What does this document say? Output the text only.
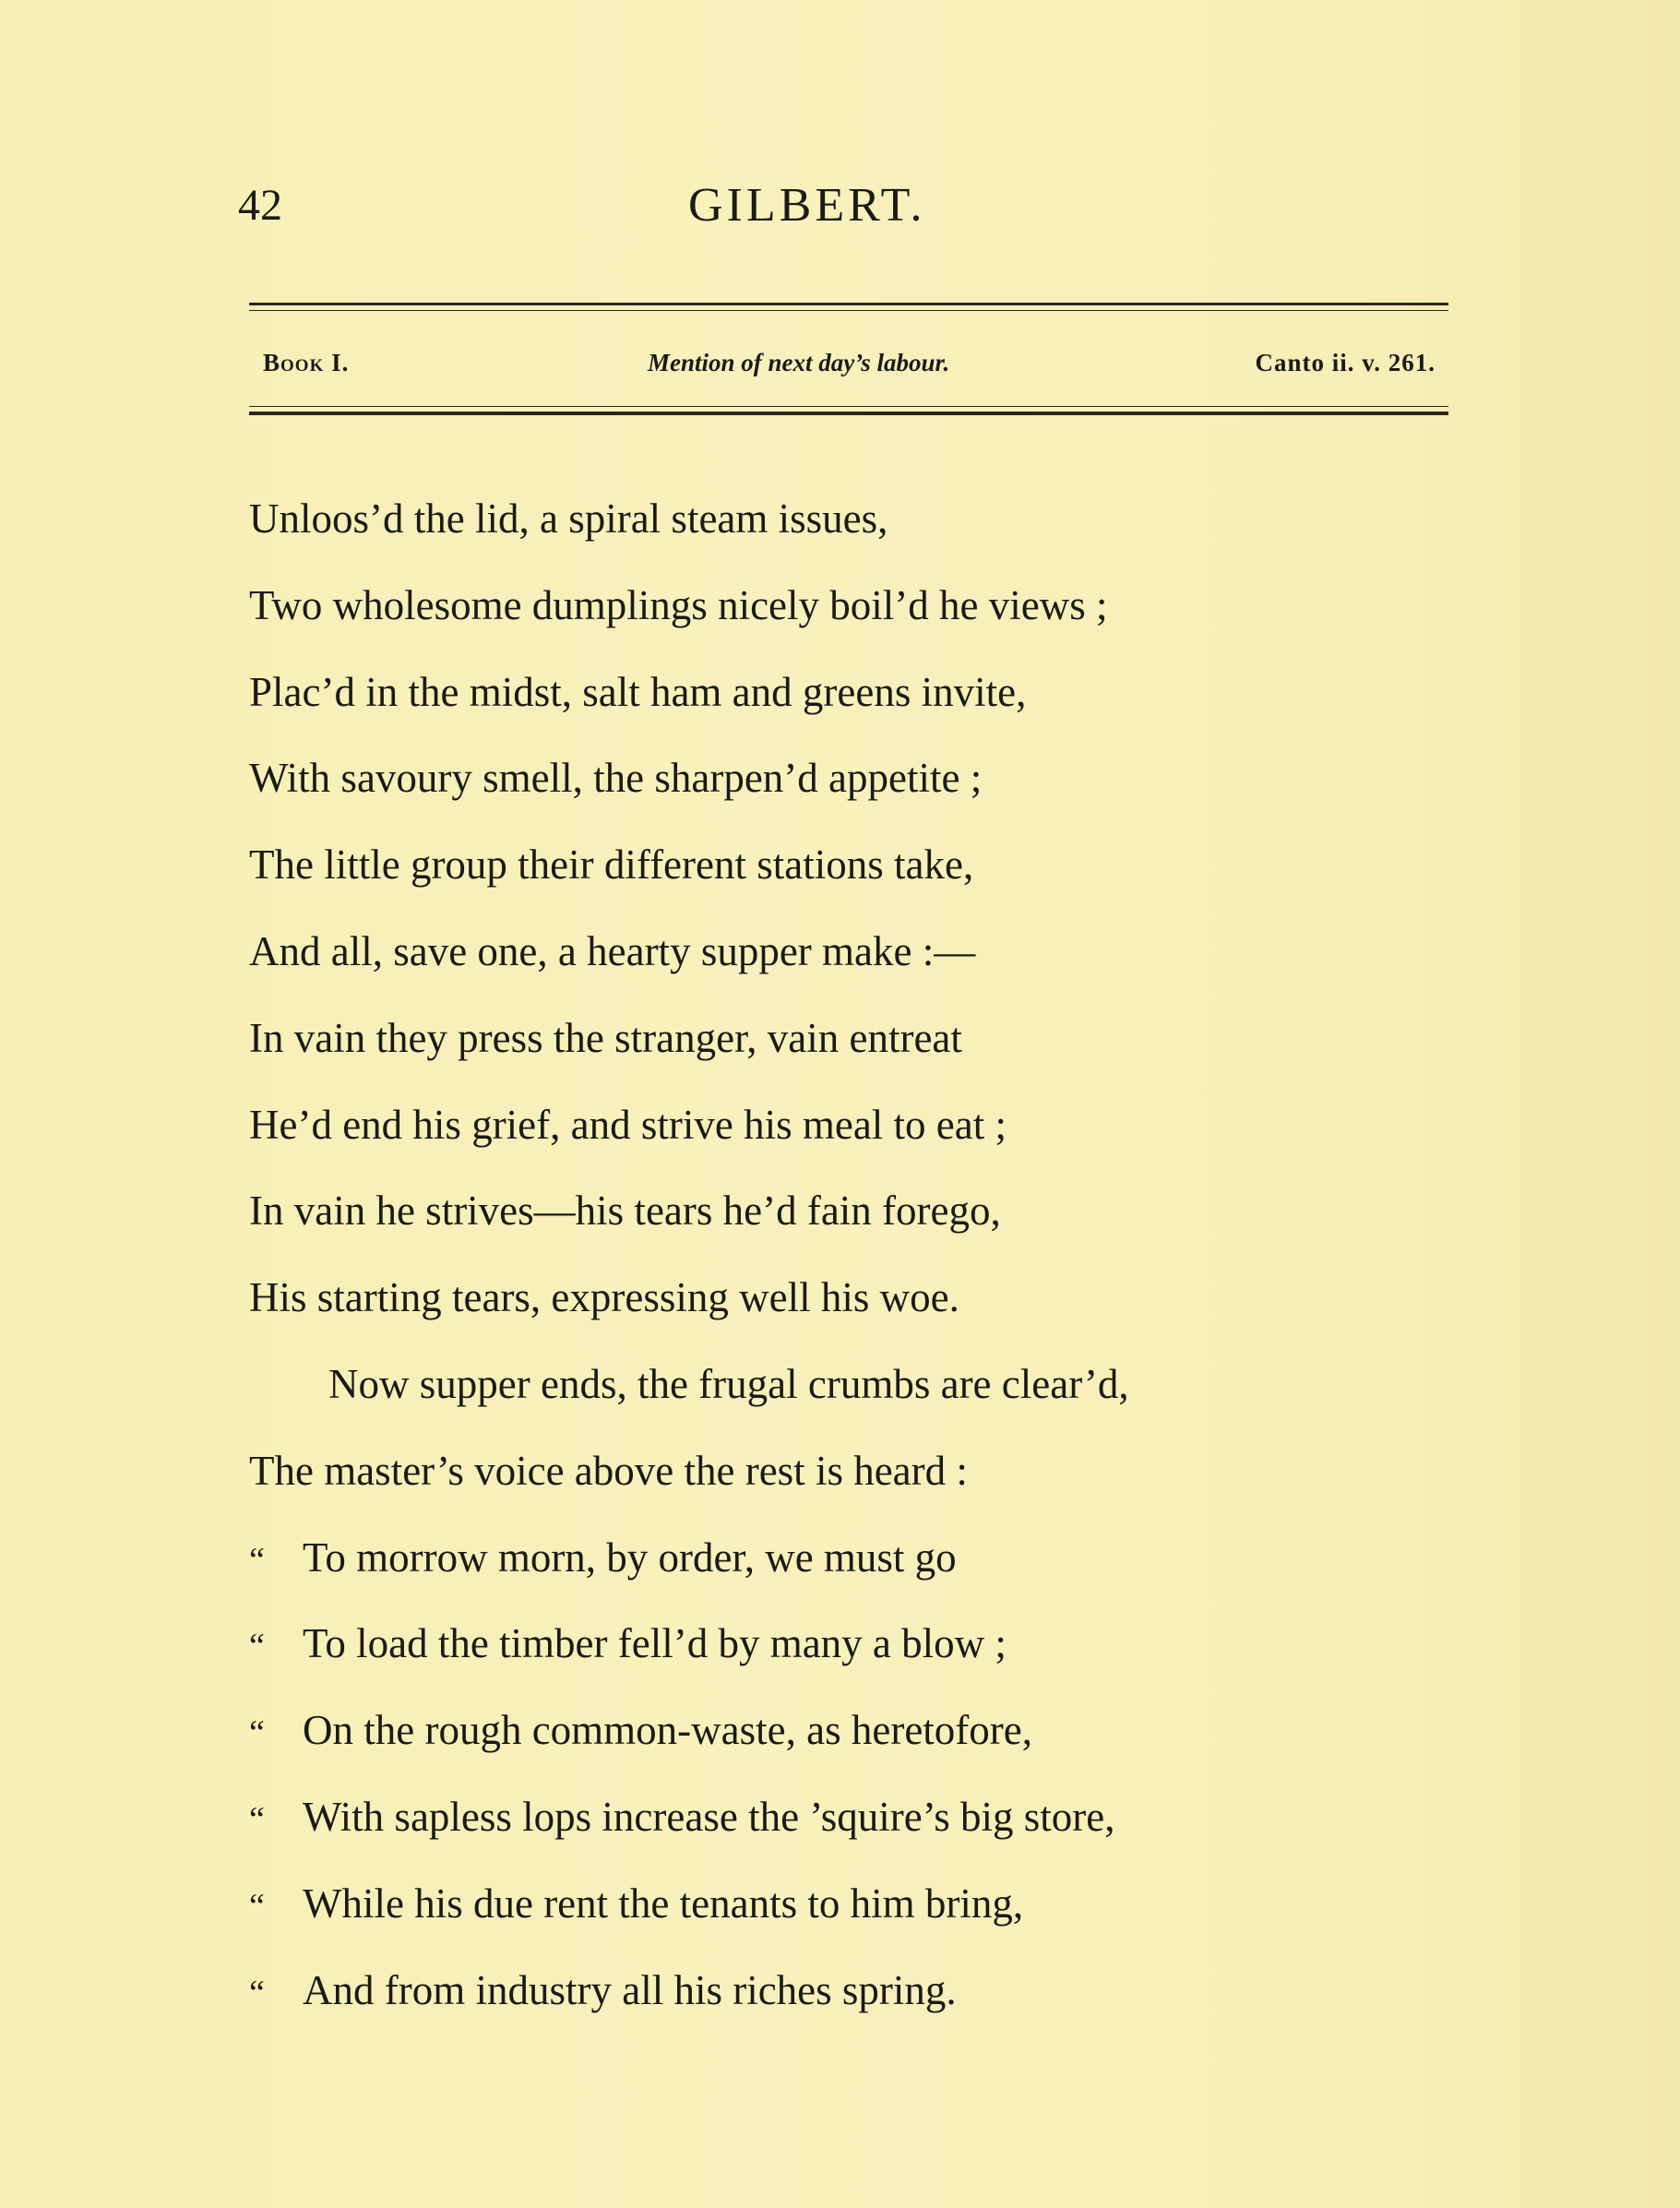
42	GILBERT.
Book I.	Mention of next day’s labour.	Canto ii. v. 261.
Unloos’d the lid, a spiral steam issues,
Two wholesome dumplings nicely boil’d he views ;
Plac’d in the midst, salt ham and greens invite,
With savoury smell, the sharpen’d appetite ;
The little group their different stations take,
And all, save one, a hearty supper make :—
In vain they press the stranger, vain entreat
He’d end his grief, and strive his meal to eat ;
In vain he strives—his tears he’d fain forego,
His starting tears, expressing well his woe.
Now supper ends, the frugal crumbs are clear’d,
The master’s voice above the rest is heard :
“ To morrow morn, by order, we must go
“ To load the timber fell’d by many a blow ;
“ On the rough common-waste, as heretofore,
“ With sapless lops increase the ’squire’s big store,
“ While his due rent the tenants to him bring,
“ And from industry all his riches spring.
